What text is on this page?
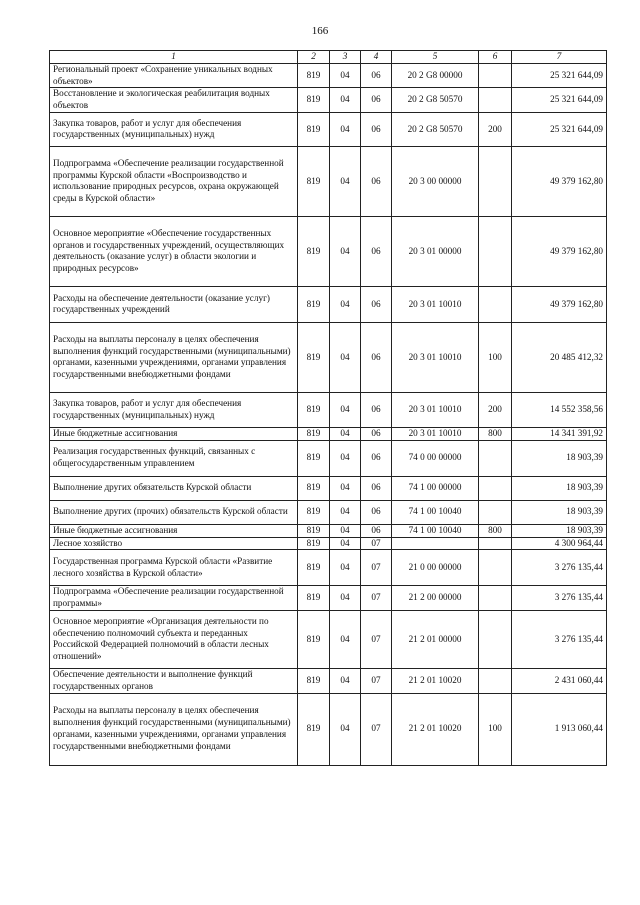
166
1	2	3	4	5	6	7
Региональный проект «Сохранение уникальных водных объектов»	819	04	06	20 2 G8 00000		25 321 644,09
Восстановление и экологическая реабилитация водных объектов	819	04	06	20 2 G8 50570		25 321 644,09
Закупка товаров, работ и услуг для обеспечения государственных (муниципальных) нужд	819	04	06	20 2 G8 50570	200	25 321 644,09
Подпрограмма «Обеспечение реализации государственной программы Курской области «Воспроизводство и использование природных ресурсов, охрана окружающей среды в Курской области»	819	04	06	20 3 00 00000		49 379 162,80
Основное мероприятие «Обеспечение государственных органов и государственных учреждений, осуществляющих деятельность (оказание услуг) в области экологии и природных ресурсов»	819	04	06	20 3 01 00000		49 379 162,80
Расходы на обеспечение деятельности (оказание услуг) государственных учреждений	819	04	06	20 3 01 10010		49 379 162,80
Расходы на выплаты персоналу в целях обеспечения выполнения функций государственными (муниципальными) органами, казенными учреждениями, органами управления государственными внебюджетными фондами	819	04	06	20 3 01 10010	100	20 485 412,32
Закупка товаров, работ и услуг для обеспечения государственных (муниципальных) нужд	819	04	06	20 3 01 10010	200	14 552 358,56
Иные бюджетные ассигнования	819	04	06	20 3 01 10010	800	14 341 391,92
Реализация государственных функций, связанных с общегосударственным управлением	819	04	06	74 0 00 00000		18 903,39
Выполнение других обязательств Курской области	819	04	06	74 1 00 00000		18 903,39
Выполнение других (прочих) обязательств Курской области	819	04	06	74 1 00 10040		18 903,39
Иные бюджетные ассигнования	819	04	06	74 1 00 10040	800	18 903,39
Лесное хозяйство	819	04	07			4 300 964,44
Государственная программа Курской области «Развитие лесного хозяйства в Курской области»	819	04	07	21 0 00 00000		3 276 135,44
Подпрограмма «Обеспечение реализации государственной программы»	819	04	07	21 2 00 00000		3 276 135,44
Основное мероприятие «Организация деятельности по обеспечению полномочий субъекта и переданных Российской Федерацией полномочий в области лесных отношений»	819	04	07	21 2 01 00000		3 276 135,44
Обеспечение деятельности и выполнение функций государственных органов	819	04	07	21 2 01 10020		2 431 060,44
Расходы на выплаты персоналу в целях обеспечения выполнения функций государственными (муниципальными) органами, казенными учреждениями, органами управления государственными внебюджетными фондами	819	04	07	21 2 01 10020	100	1 913 060,44
